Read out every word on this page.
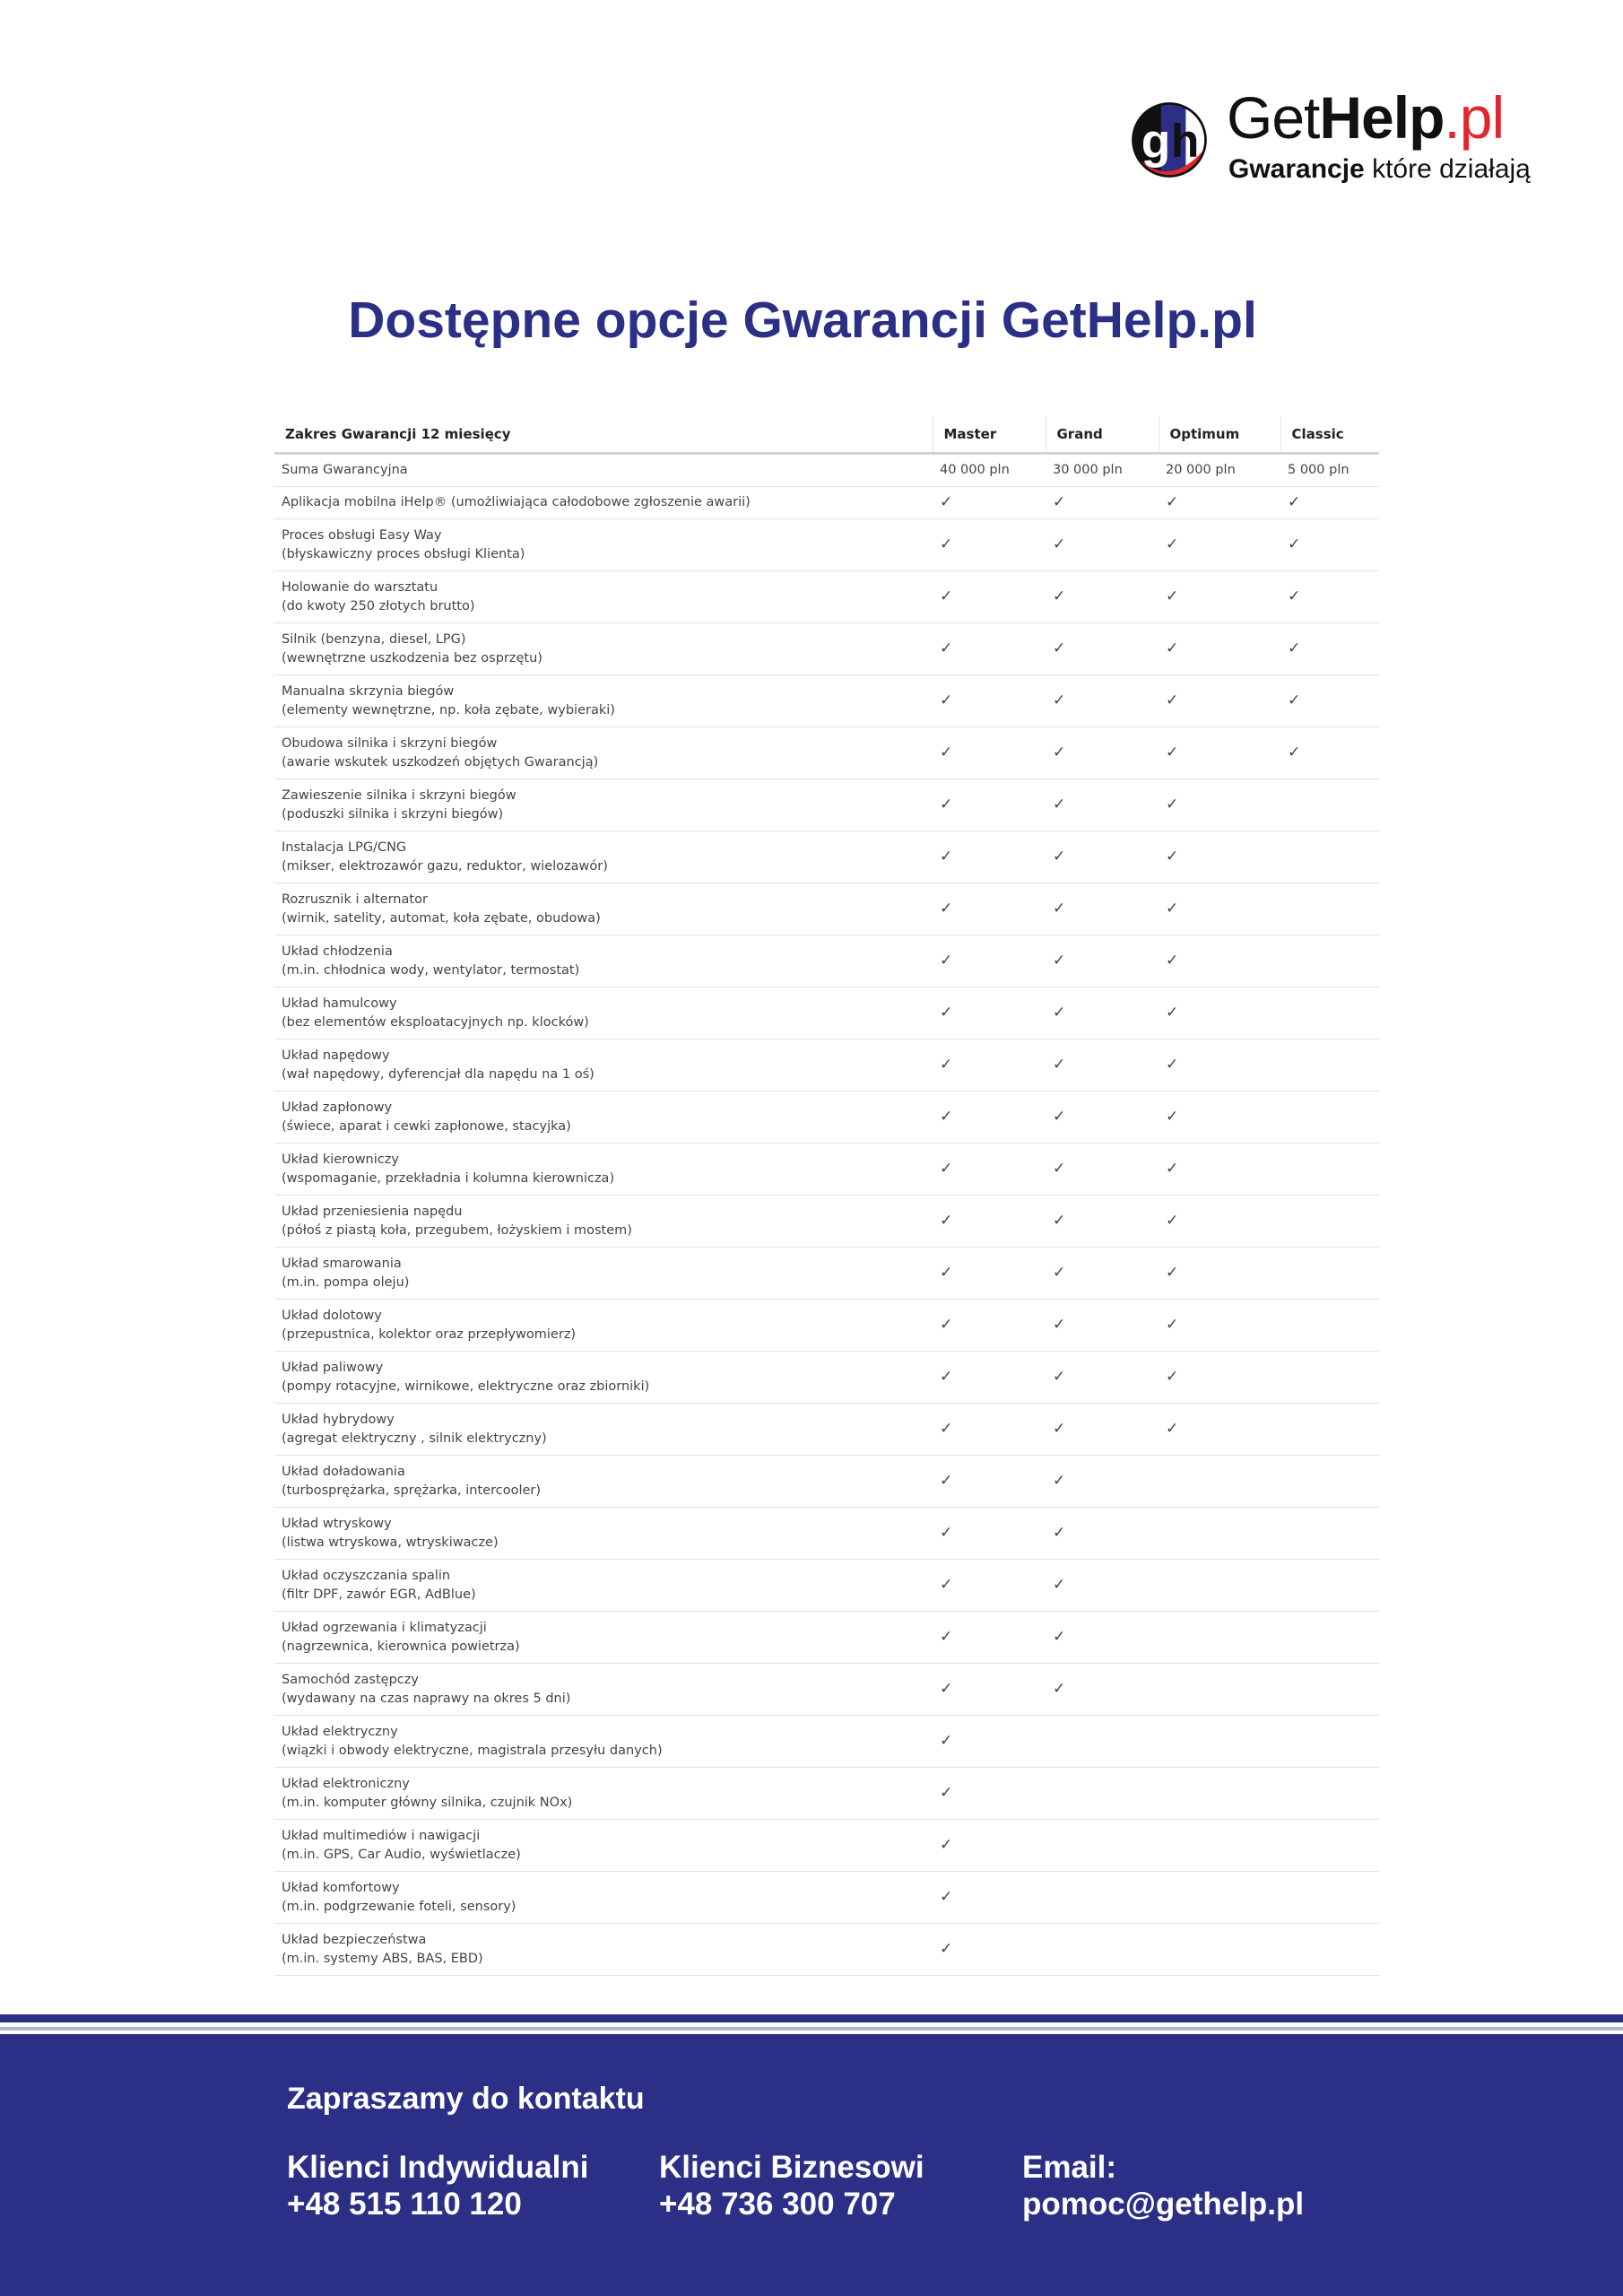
g h GetHelp.pl
Gwarancje które działają
Dostępne opcje Gwarancji GetHelp.pl
Zakres Gwarancji 12 miesięcy	Master	Grand	Optimum	Classic
Suma Gwarancyjna	40 000 pln	30 000 pln	20 000 pln	5 000 pln
Aplikacja mobilna iHelp® (umożliwiająca całodobowe zgłoszenie awarii)	✓	✓	✓	✓
Proces obsługi Easy Way
(błyskawiczny proces obsługi Klienta)	✓	✓	✓	✓
Holowanie do warsztatu
(do kwoty 250 złotych brutto)	✓	✓	✓	✓
Silnik (benzyna, diesel, LPG)
(wewnętrzne uszkodzenia bez osprzętu)	✓	✓	✓	✓
Manualna skrzynia biegów
(elementy wewnętrzne, np. koła zębate, wybieraki)	✓	✓	✓	✓
Obudowa silnika i skrzyni biegów
(awarie wskutek uszkodzeń objętych Gwarancją)	✓	✓	✓	✓
Zawieszenie silnika i skrzyni biegów
(poduszki silnika i skrzyni biegów)	✓	✓	✓	
Instalacja LPG/CNG
(mikser, elektrozawór gazu, reduktor, wielozawór)	✓	✓	✓	
Rozrusznik i alternator
(wirnik, satelity, automat, koła zębate, obudowa)	✓	✓	✓	
Układ chłodzenia
(m.in. chłodnica wody, wentylator, termostat)	✓	✓	✓	
Układ hamulcowy
(bez elementów eksploatacyjnych np. klocków)	✓	✓	✓	
Układ napędowy
(wał napędowy, dyferencjał dla napędu na 1 oś)	✓	✓	✓	
Układ zapłonowy
(świece, aparat i cewki zapłonowe, stacyjka)	✓	✓	✓	
Układ kierowniczy
(wspomaganie, przekładnia i kolumna kierownicza)	✓	✓	✓	
Układ przeniesienia napędu
(półoś z piastą koła, przegubem, łożyskiem i mostem)	✓	✓	✓	
Układ smarowania
(m.in. pompa oleju)	✓	✓	✓	
Układ dolotowy
(przepustnica, kolektor oraz przepływomierz)	✓	✓	✓	
Układ paliwowy
(pompy rotacyjne, wirnikowe, elektryczne oraz zbiorniki)	✓	✓	✓	
Układ hybrydowy
(agregat elektryczny , silnik elektryczny)	✓	✓	✓	
Układ doładowania
(turbosprężarka, sprężarka, intercooler)	✓	✓		
Układ wtryskowy
(listwa wtryskowa, wtryskiwacze)	✓	✓		
Układ oczyszczania spalin
(filtr DPF, zawór EGR, AdBlue)	✓	✓		
Układ ogrzewania i klimatyzacji
(nagrzewnica, kierownica powietrza)	✓	✓		
Samochód zastępczy
(wydawany na czas naprawy na okres 5 dni)	✓	✓		
Układ elektryczny
(wiązki i obwody elektryczne, magistrala przesyłu danych)	✓			
Układ elektroniczny
(m.in. komputer główny silnika, czujnik NOx)	✓			
Układ multimediów i nawigacji
(m.in. GPS, Car Audio, wyświetlacze)	✓			
Układ komfortowy
(m.in. podgrzewanie foteli, sensory)	✓			
Układ bezpieczeństwa
(m.in. systemy ABS, BAS, EBD)	✓			
Zapraszamy do kontaktu
Klienci Indywidualni
+48 515 110 120
Klienci Biznesowi
+48 736 300 707
Email:
pomoc@gethelp.pl
